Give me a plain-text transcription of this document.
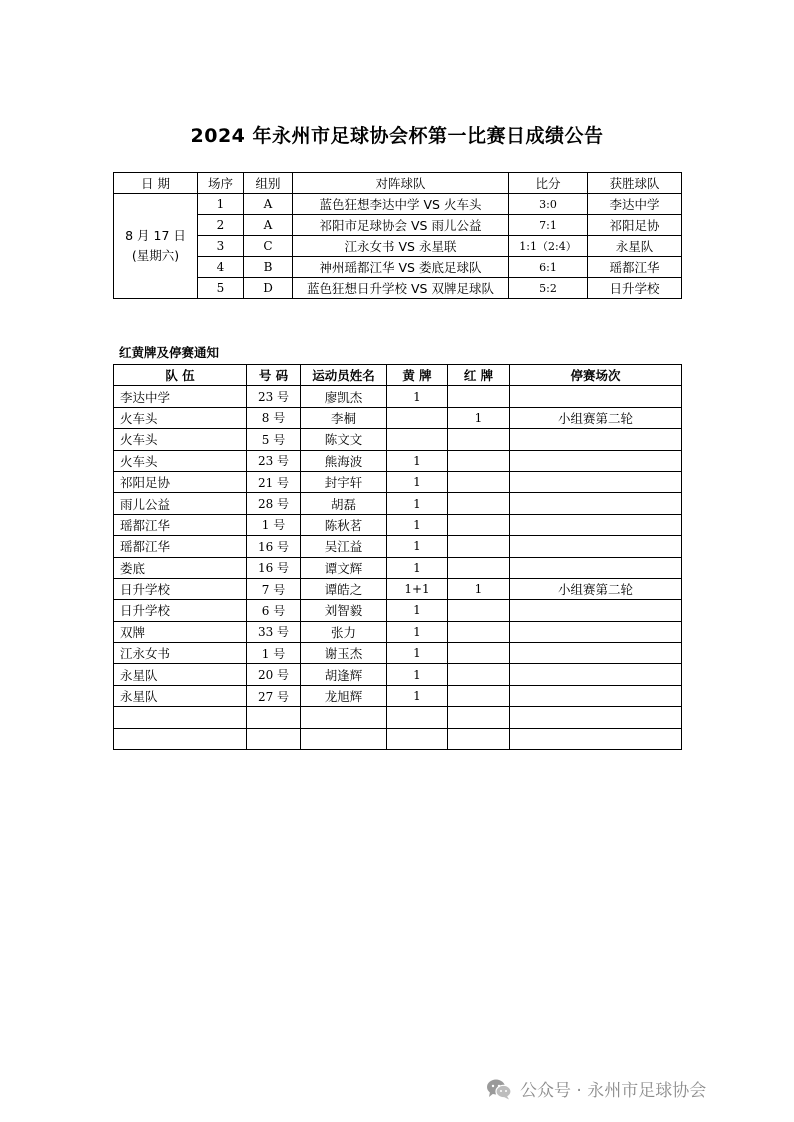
2024 年永州市足球协会杯第一比赛日成绩公告
日 期	场序	组别	对阵球队	比分	获胜球队

8 月 17 日
(星期六)	1	A	蓝色狂想李达中学 VS 火车头	3:0	李达中学
	2	A	祁阳市足球协会 VS 雨儿公益	7:1	祁阳足协
	3	C	江永女书 VS 永星联	1:1（2:4）	永星队
	4	B	神州瑶都江华 VS 娄底足球队	6:1	瑶都江华
	5	D	蓝色狂想日升学校 VS 双牌足球队	5:2	日升学校
红黄牌及停赛通知
队 伍	号 码	运动员姓名	黄 牌	红 牌	停赛场次
李达中学	23 号	廖凯杰	1		
火车头	8 号	李桐		1	小组赛第二轮
火车头	5 号	陈文文			
火车头	23 号	熊海波	1		
祁阳足协	21 号	封宇轩	1		
雨儿公益	28 号	胡磊	1		
瑶都江华	1 号	陈秋茗	1		
瑶都江华	16 号	吴江益	1		
娄底	16 号	谭文辉	1		
日升学校	7 号	谭皓之	1+1	1	小组赛第二轮
日升学校	6 号	刘智毅	1		
双牌	33 号	张力	1		
江永女书	1 号	谢玉杰	1		
永星队	20 号	胡逢辉	1		
永星队	27 号	龙旭辉	1		

公众号 · 永州市足球协会
